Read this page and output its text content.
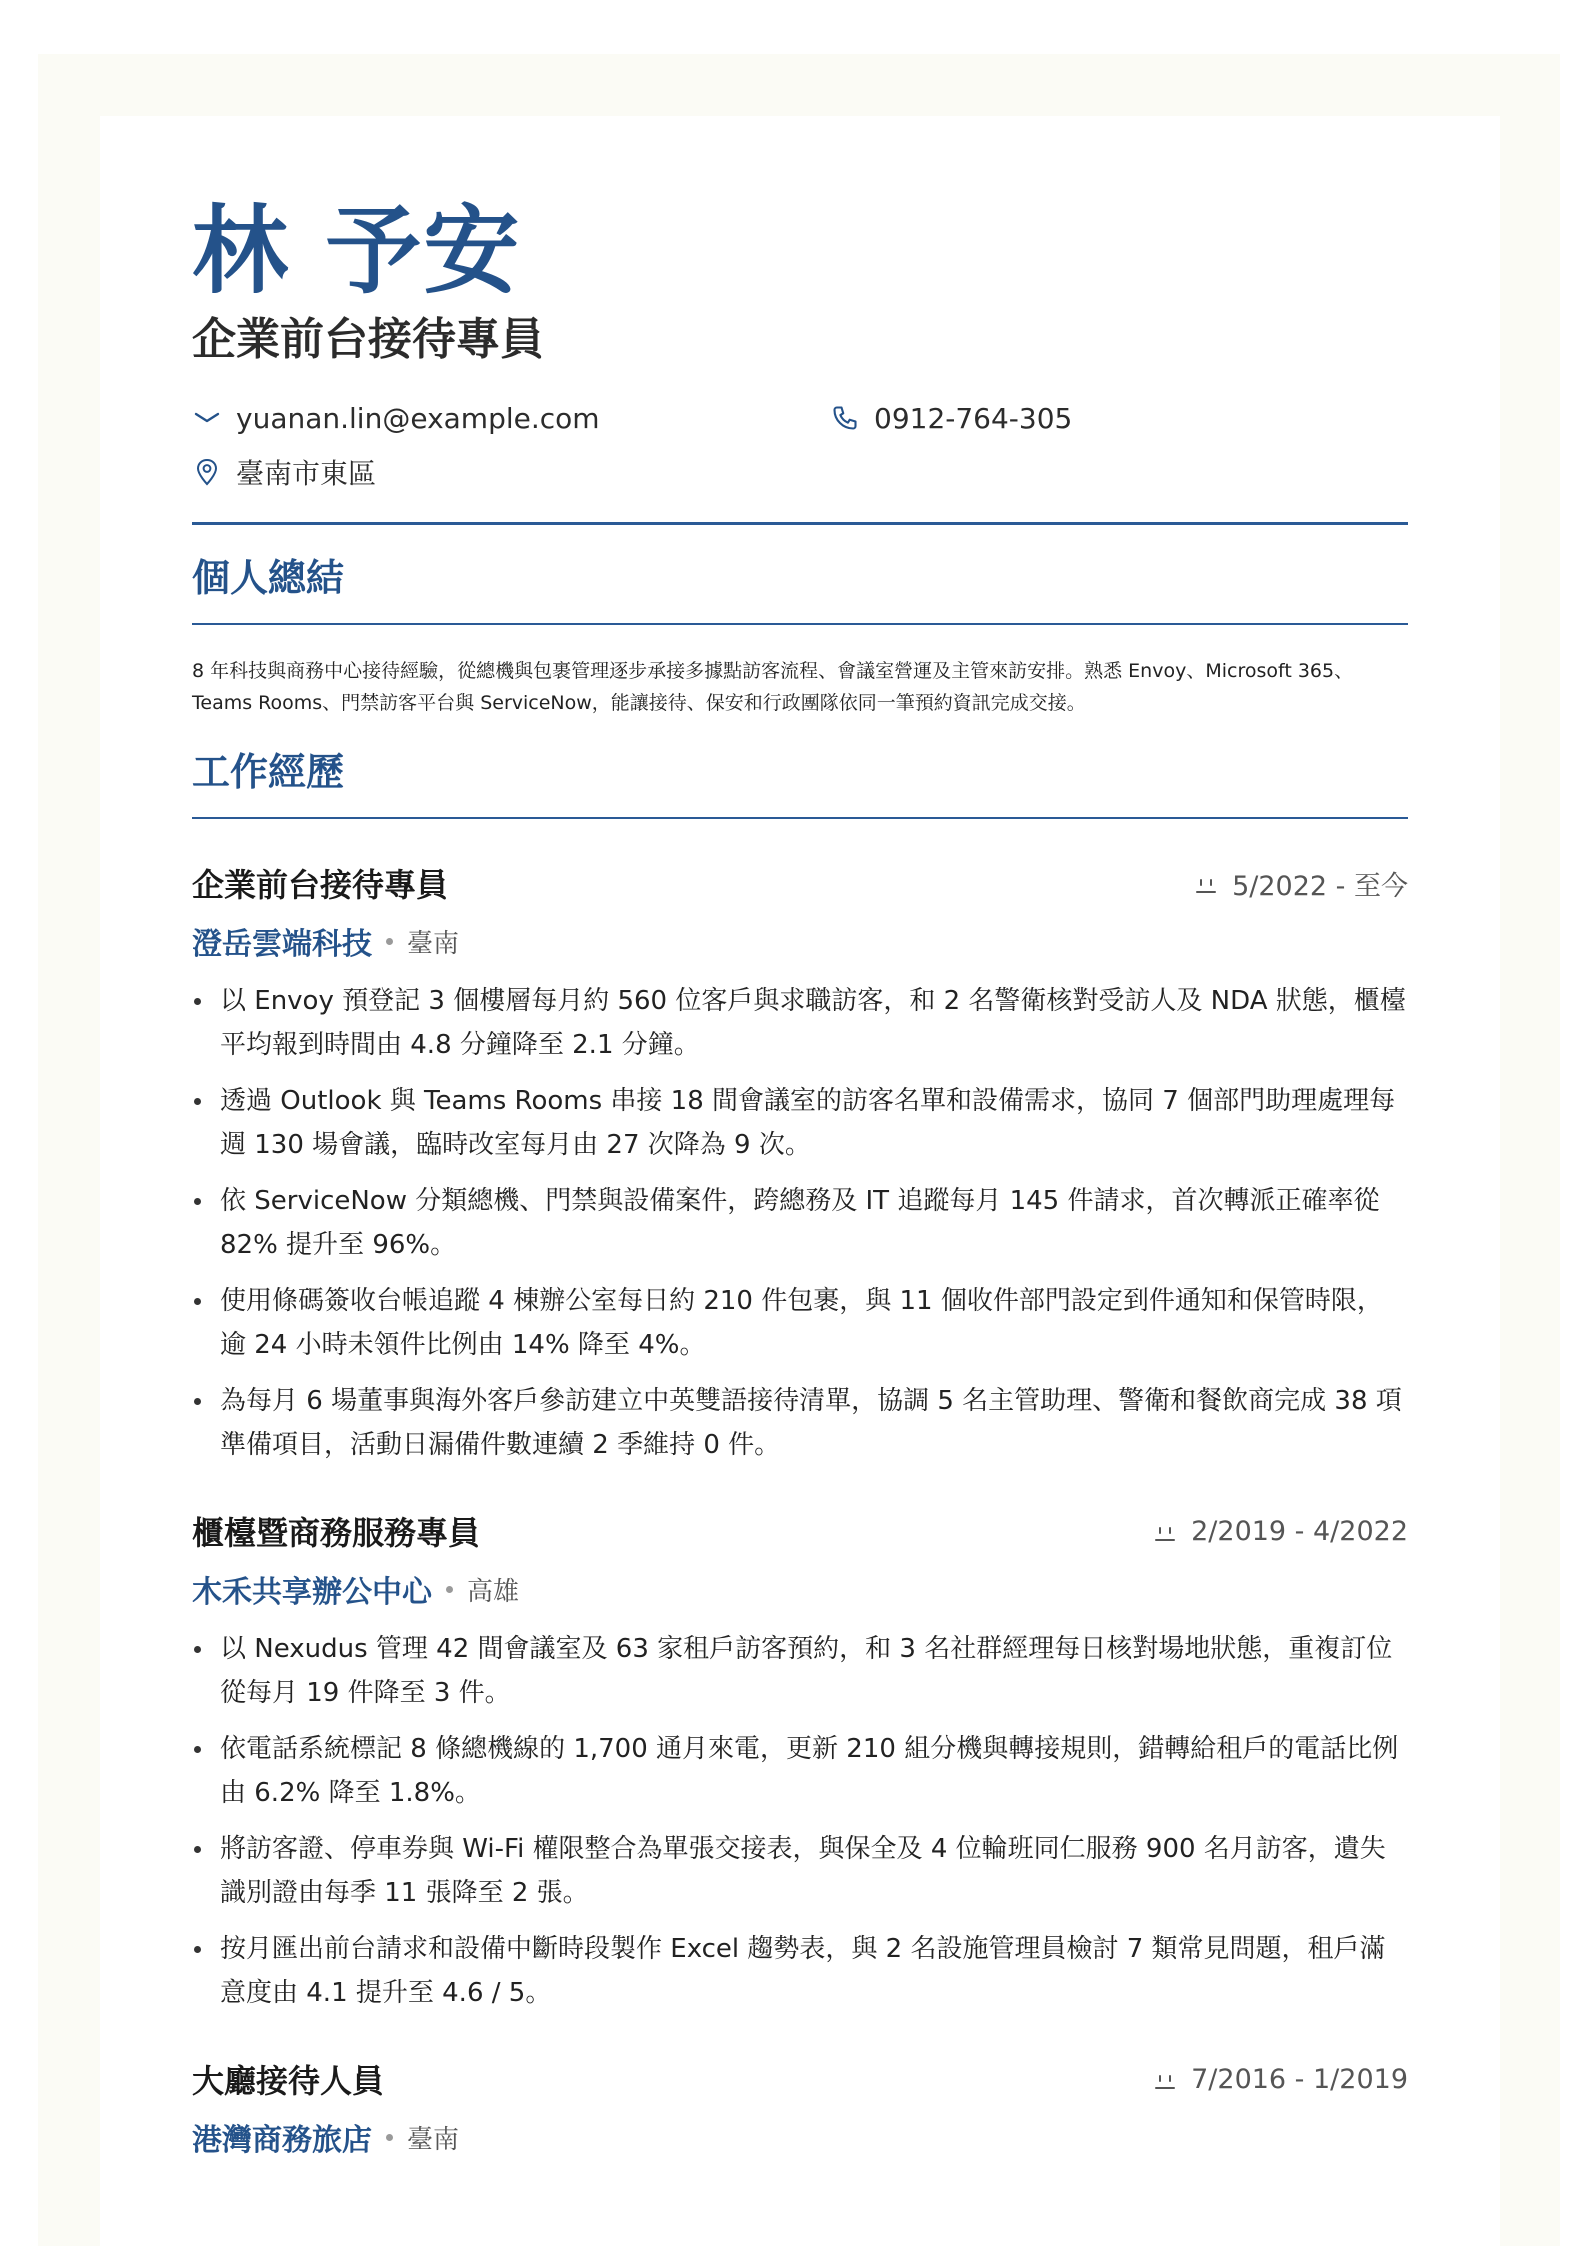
林 予安
企業前台接待專員
yuanan.lin@example.com	0912-764-305
臺南市東區
個人總結
8 年科技與商務中心接待經驗，從總機與包裹管理逐步承接多據點訪客流程、會議室營運及主管來訪安排。熟悉 Envoy、Microsoft 365、Teams Rooms、門禁訪客平台與 ServiceNow，能讓接待、保安和行政團隊依同一筆預約資訊完成交接。
工作經歷
企業前台接待專員	5/2022 - 至今
澄岳雲端科技 臺南
以 Envoy 預登記 3 個樓層每月約 560 位客戶與求職訪客，和 2 名警衛核對受訪人及 NDA 狀態，櫃檯平均報到時間由 4.8 分鐘降至 2.1 分鐘。
透過 Outlook 與 Teams Rooms 串接 18 間會議室的訪客名單和設備需求，協同 7 個部門助理處理每週 130 場會議，臨時改室每月由 27 次降為 9 次。
依 ServiceNow 分類總機、門禁與設備案件，跨總務及 IT 追蹤每月 145 件請求，首次轉派正確率從 82% 提升至 96%。
使用條碼簽收台帳追蹤 4 棟辦公室每日約 210 件包裹，與 11 個收件部門設定到件通知和保管時限，逾 24 小時未領件比例由 14% 降至 4%。
為每月 6 場董事與海外客戶參訪建立中英雙語接待清單，協調 5 名主管助理、警衛和餐飲商完成 38 項準備項目，活動日漏備件數連續 2 季維持 0 件。
櫃檯暨商務服務專員	2/2019 - 4/2022
木禾共享辦公中心 高雄
以 Nexudus 管理 42 間會議室及 63 家租戶訪客預約，和 3 名社群經理每日核對場地狀態，重複訂位從每月 19 件降至 3 件。
依電話系統標記 8 條總機線的 1,700 通月來電，更新 210 組分機與轉接規則，錯轉給租戶的電話比例由 6.2% 降至 1.8%。
將訪客證、停車券與 Wi-Fi 權限整合為單張交接表，與保全及 4 位輪班同仁服務 900 名月訪客，遺失識別證由每季 11 張降至 2 張。
按月匯出前台請求和設備中斷時段製作 Excel 趨勢表，與 2 名設施管理員檢討 7 類常見問題，租戶滿意度由 4.1 提升至 4.6 / 5。
大廳接待人員	7/2016 - 1/2019
港灣商務旅店 臺南
